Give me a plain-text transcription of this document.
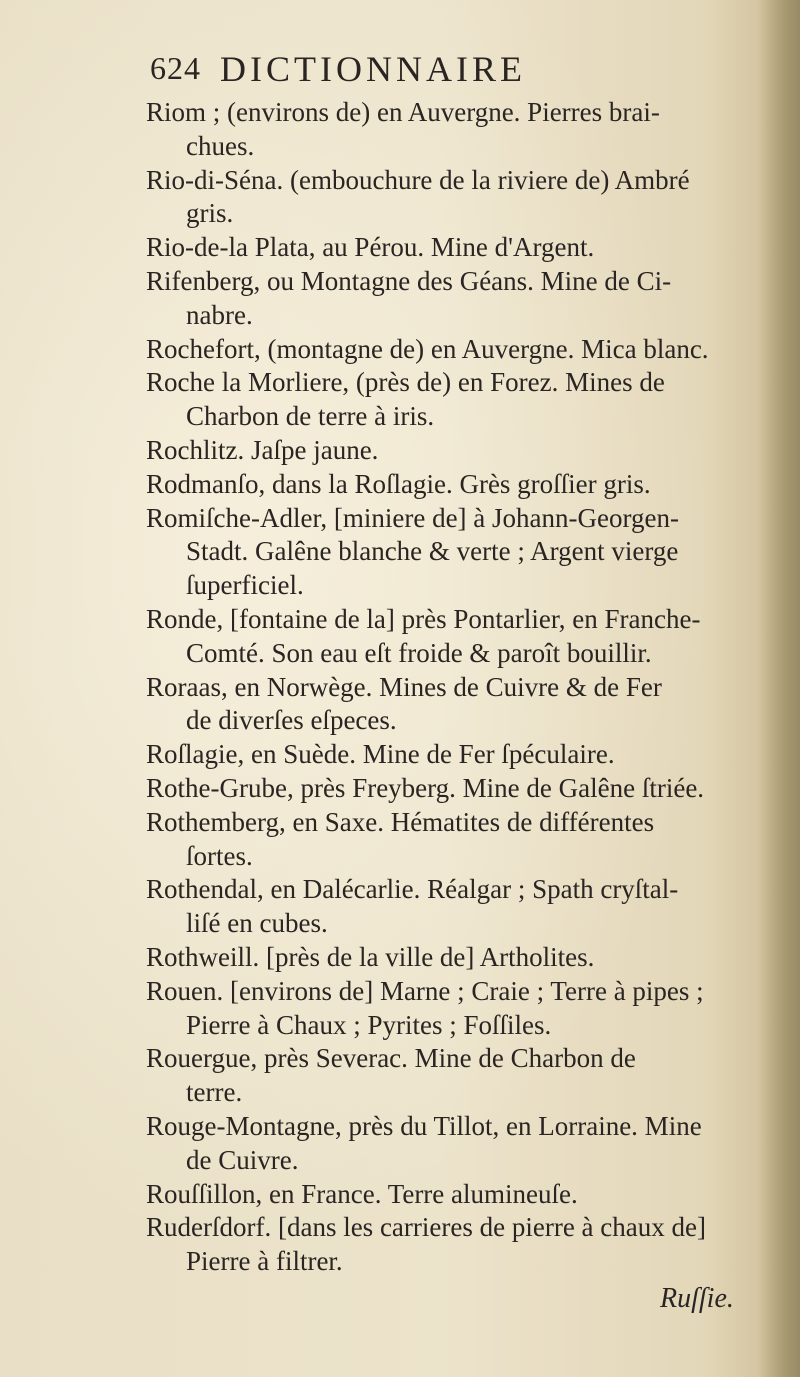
624 DICTIONNAIRE
Riom ; (environs de) en Auvergne. Pierres brai-
chues.
Rio-di-Séna. (embouchure de la riviere de) Ambré
gris.
Rio-de-la Plata, au Pérou. Mine d'Argent.
Rifenberg, ou Montagne des Géans. Mine de Ci-
nabre.
Rochefort, (montagne de) en Auvergne. Mica blanc.
Roche la Morliere, (près de) en Forez. Mines de
Charbon de terre à iris.
Rochlitz. Jaſpe jaune.
Rodmanſo, dans la Roſlagie. Grès groſſier gris.
Romiſche-Adler, [miniere de] à Johann-Georgen-
Stadt. Galêne blanche & verte ; Argent vierge
ſuperficiel.
Ronde, [fontaine de la] près Pontarlier, en Franche-
Comté. Son eau eſt froide & paroît bouillir.
Roraas, en Norwège. Mines de Cuivre & de Fer
de diverſes eſpeces.
Roſlagie, en Suède. Mine de Fer ſpéculaire.
Rothe-Grube, près Freyberg. Mine de Galêne ſtriée.
Rothemberg, en Saxe. Hématites de différentes
ſortes.
Rothendal, en Dalécarlie. Réalgar ; Spath cryſtal-
liſé en cubes.
Rothweill. [près de la ville de] Artholites.
Rouen. [environs de] Marne ; Craie ; Terre à pipes ;
Pierre à Chaux ; Pyrites ; Foſſiles.
Rouergue, près Severac. Mine de Charbon de
terre.
Rouge-Montagne, près du Tillot, en Lorraine. Mine
de Cuivre.
Rouſſillon, en France. Terre alumineuſe.
Ruderſdorf. [dans les carrieres de pierre à chaux de]
Pierre à filtrer.
Ruſſie.
